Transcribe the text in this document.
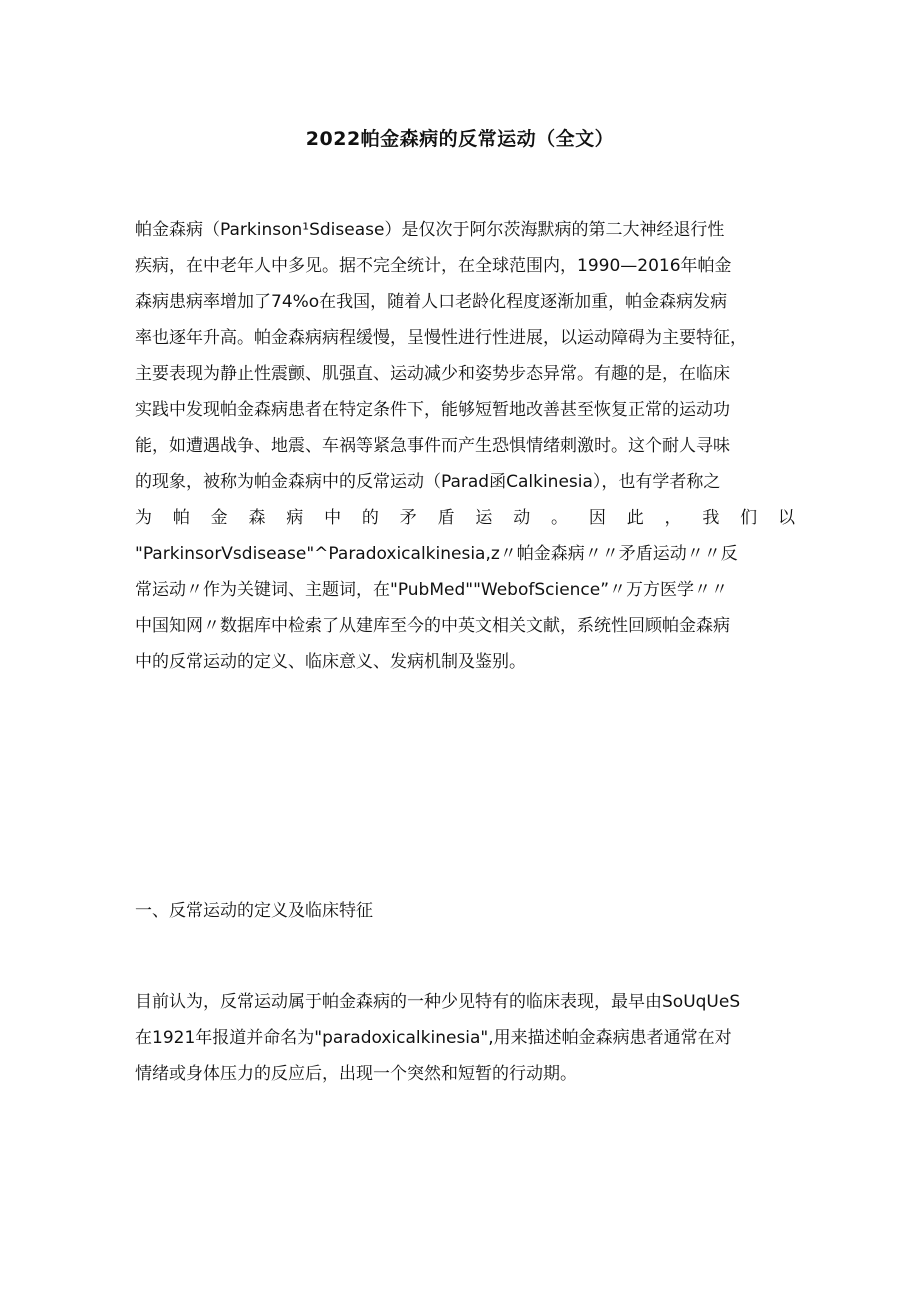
2022帕金森病的反常运动（全文）
帕金森病（Parkinson¹Sdisease）是仅次于阿尔茨海默病的第二大神经退行性
疾病，在中老年人中多见。据不完全统计，在全球范围内，1990—2016年帕金
森病患病率增加了74%o在我国，随着人口老龄化程度逐渐加重，帕金森病发病
率也逐年升高。帕金森病病程缓慢，呈慢性进行性进展，以运动障碍为主要特征，
主要表现为静止性震颤、肌强直、运动减少和姿势步态异常。有趣的是，在临床
实践中发现帕金森病患者在特定条件下，能够短暂地改善甚至恢复正常的运动功
能，如遭遇战争、地震、车祸等紧急事件而产生恐惧情绪刺激时。这个耐人寻味
的现象，被称为帕金森病中的反常运动（Parad函Calkinesia），也有学者称之
为 帕 金 森 病 中 的 矛 盾 运 动 。 因 此 ， 我 们 以
"ParkinsorVsdisease"^Paradoxicalkinesia,z〃帕金森病〃〃矛盾运动〃〃反
常运动〃作为关键词、主题词，在"PubMed""WebofScience”〃万方医学〃〃
中国知网〃数据库中检索了从建库至今的中英文相关文献，系统性回顾帕金森病
中的反常运动的定义、临床意义、发病机制及鉴别。
一、反常运动的定义及临床特征
目前认为，反常运动属于帕金森病的一种少见特有的临床表现，最早由SoUqUeS
在1921年报道并命名为"paradoxicalkinesia",用来描述帕金森病患者通常在对
情绪或身体压力的反应后，出现一个突然和短暂的行动期。
